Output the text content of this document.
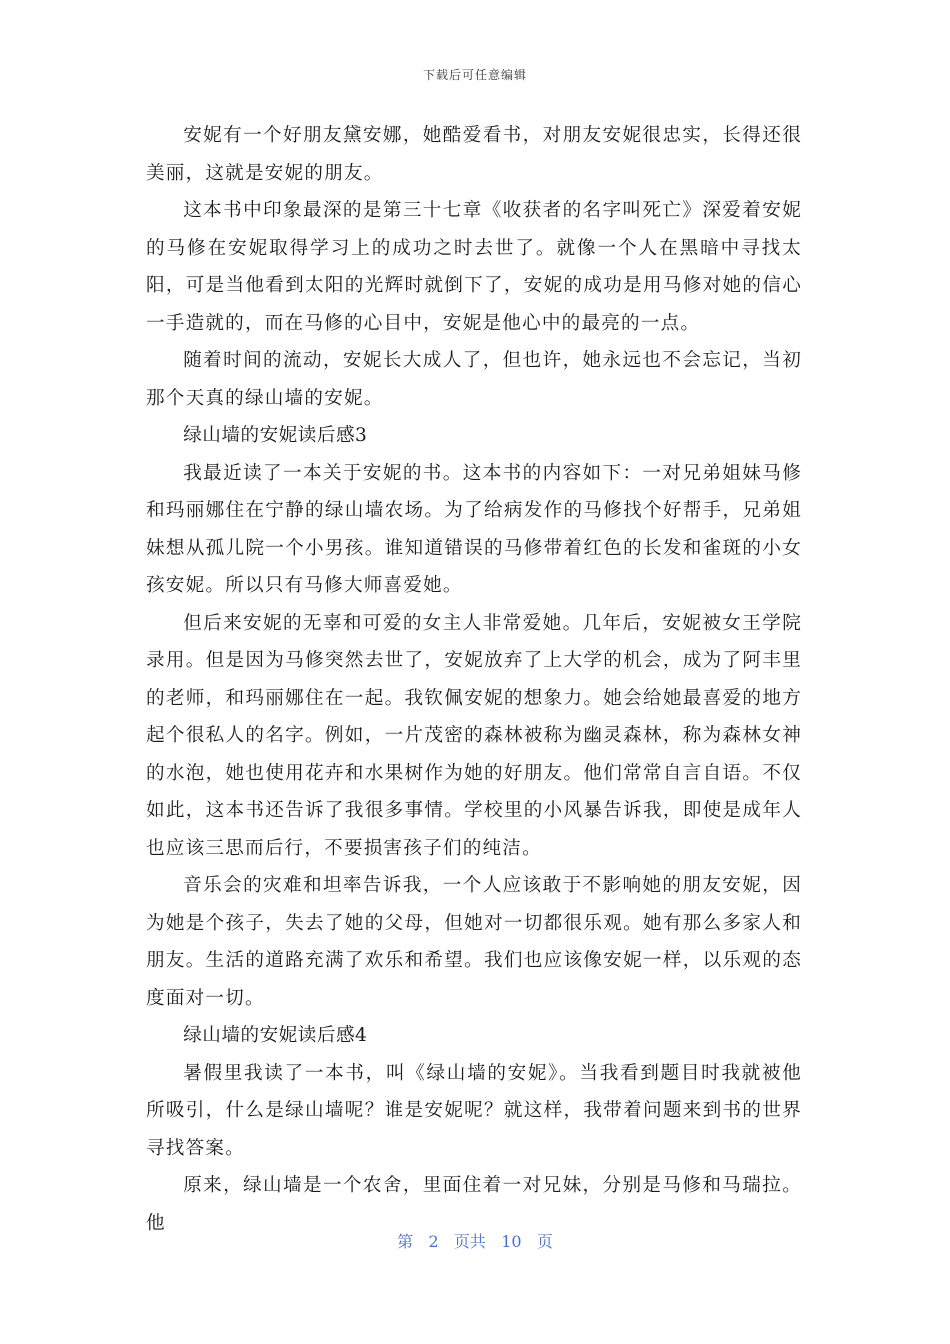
下载后可任意编辑

安妮有一个好朋友黛安娜，她酷爱看书，对朋友安妮很忠实，长得还很美丽，这就是安妮的朋友。

这本书中印象最深的是第三十七章《收获者的名字叫死亡》深爱着安妮的马修在安妮取得学习上的成功之时去世了。就像一个人在黑暗中寻找太阳，可是当他看到太阳的光辉时就倒下了，安妮的成功是用马修对她的信心一手造就的，而在马修的心目中，安妮是他心中的最亮的一点。

随着时间的流动，安妮长大成人了，但也许，她永远也不会忘记，当初那个天真的绿山墙的安妮。

绿山墙的安妮读后感3

我最近读了一本关于安妮的书。这本书的内容如下：一对兄弟姐妹马修和玛丽娜住在宁静的绿山墙农场。为了给病发作的马修找个好帮手，兄弟姐妹想从孤儿院一个小男孩。谁知道错误的马修带着红色的长发和雀斑的小女孩安妮。所以只有马修大师喜爱她。

但后来安妮的无辜和可爱的女主人非常爱她。几年后，安妮被女王学院录用。但是因为马修突然去世了，安妮放弃了上大学的机会，成为了阿丰里的老师，和玛丽娜住在一起。我钦佩安妮的想象力。她会给她最喜爱的地方起个很私人的名字。例如，一片茂密的森林被称为幽灵森林，称为森林女神的水泡，她也使用花卉和水果树作为她的好朋友。他们常常自言自语。不仅如此，这本书还告诉了我很多事情。学校里的小风暴告诉我，即使是成年人也应该三思而后行，不要损害孩子们的纯洁。

音乐会的灾难和坦率告诉我，一个人应该敢于不影响她的朋友安妮，因为她是个孩子，失去了她的父母，但她对一切都很乐观。她有那么多家人和朋友。生活的道路充满了欢乐和希望。我们也应该像安妮一样，以乐观的态度面对一切。

绿山墙的安妮读后感4

暑假里我读了一本书，叫《绿山墙的安妮》。当我看到题目时我就被他所吸引，什么是绿山墙呢？谁是安妮呢？就这样，我带着问题来到书的世界寻找答案。

原来，绿山墙是一个农舍，里面住着一对兄妹，分别是马修和马瑞拉。他

第 2 页共 10 页
